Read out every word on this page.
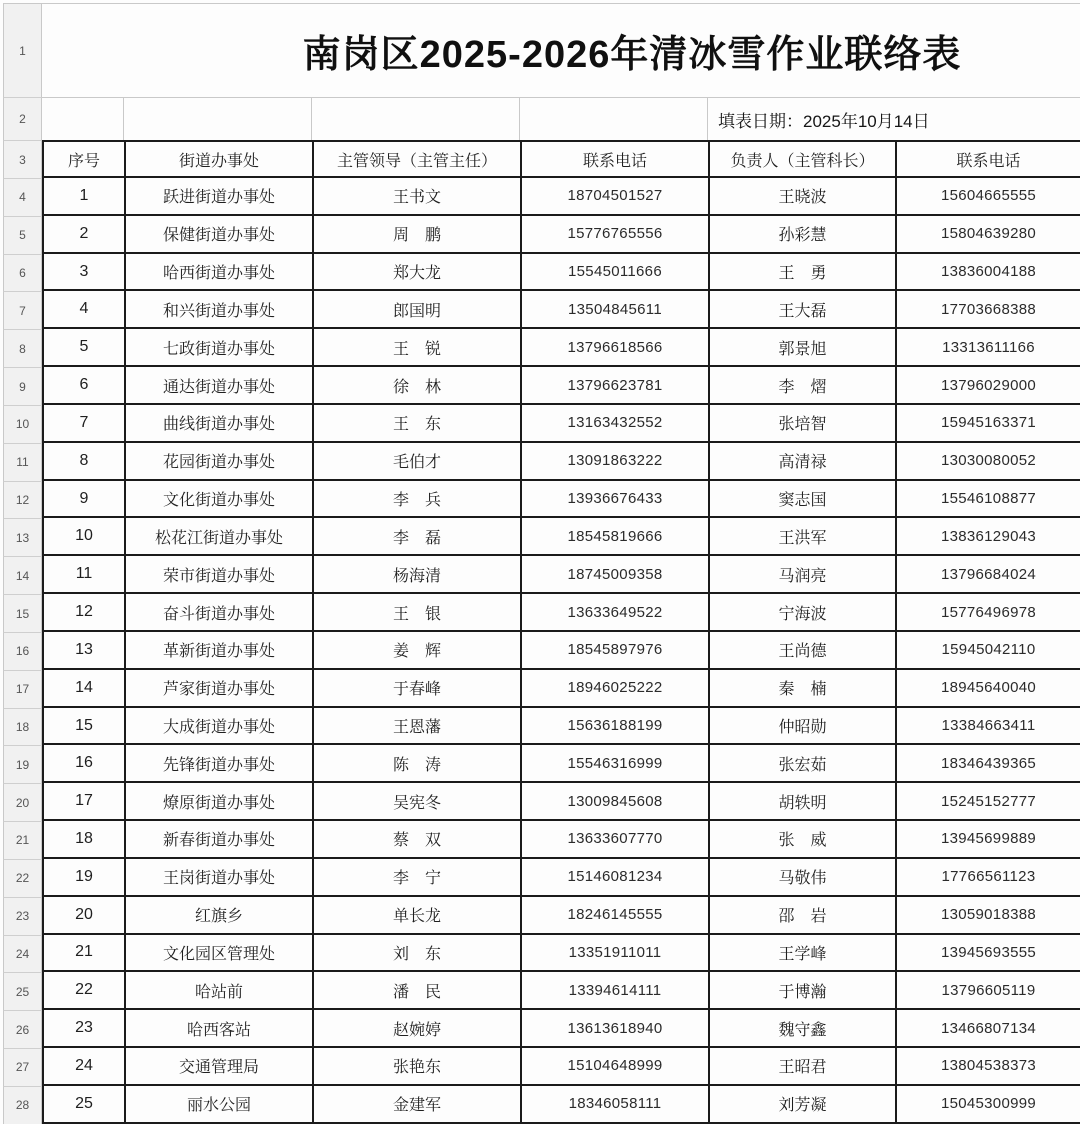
1
2
3
4
5
6
7
8
9
10
11
12
13
14
15
16
17
18
19
20
21
22
23
24
25
26
27
28
南岗区2025-2026年清冰雪作业联络表
填表日期：2025年10月14日
序号	街道办事处	主管领导（主管主任）	联系电话	负责人（主管科长）	联系电话
1	跃进街道办事处	王书文	18704501527	王晓波	15604665555
2	保健街道办事处	周　鹏	15776765556	孙彩慧	15804639280
3	哈西街道办事处	郑大龙	15545011666	王　勇	13836004188
4	和兴街道办事处	郎国明	13504845611	王大磊	17703668388
5	七政街道办事处	王　锐	13796618566	郭景旭	13313611166
6	通达街道办事处	徐　林	13796623781	李　熠	13796029000
7	曲线街道办事处	王　东	13163432552	张培智	15945163371
8	花园街道办事处	毛伯才	13091863222	高清禄	13030080052
9	文化街道办事处	李　兵	13936676433	窦志国	15546108877
10	松花江街道办事处	李　磊	18545819666	王洪军	13836129043
11	荣市街道办事处	杨海清	18745009358	马润亮	13796684024
12	奋斗街道办事处	王　银	13633649522	宁海波	15776496978
13	革新街道办事处	姜　辉	18545897976	王尚德	15945042110
14	芦家街道办事处	于春峰	18946025222	秦　楠	18945640040
15	大成街道办事处	王恩藩	15636188199	仲昭勋	13384663411
16	先锋街道办事处	陈　涛	15546316999	张宏茹	18346439365
17	燎原街道办事处	吴宪冬	13009845608	胡轶明	15245152777
18	新春街道办事处	蔡　双	13633607770	张　威	13945699889
19	王岗街道办事处	李　宁	15146081234	马敬伟	17766561123
20	红旗乡	单长龙	18246145555	邵　岩	13059018388
21	文化园区管理处	刘　东	13351911011	王学峰	13945693555
22	哈站前	潘　民	13394614111	于博瀚	13796605119
23	哈西客站	赵婉婷	13613618940	魏守鑫	13466807134
24	交通管理局	张艳东	15104648999	王昭君	13804538373
25	丽水公园	金建军	18346058111	刘芳凝	15045300999
